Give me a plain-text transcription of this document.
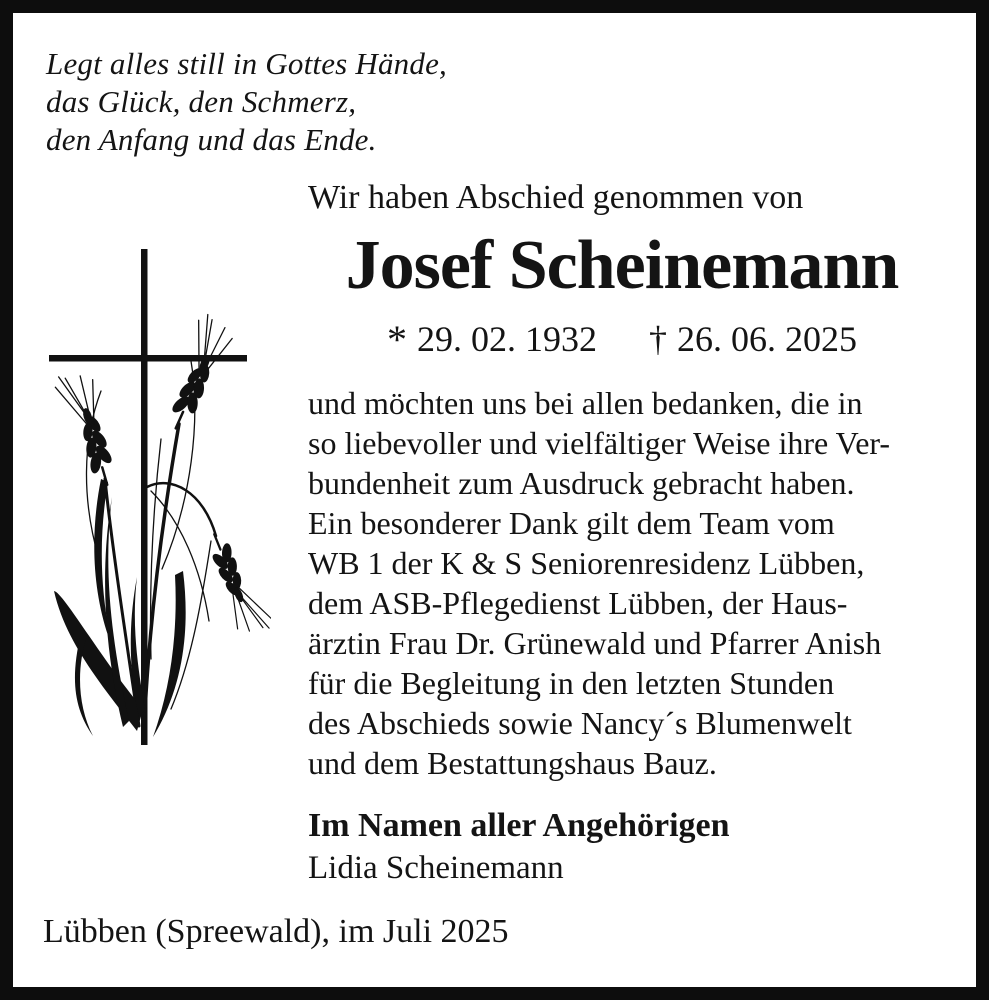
Legt alles still in Gottes Hände,
das Glück, den Schmerz,
den Anfang und das Ende.
Wir haben Abschied genommen von
Josef Scheinemann
* 29. 02. 1932 † 26. 06. 2025
und möchten uns bei allen bedanken, die in
so liebevoller und vielfältiger Weise ihre Ver-
bundenheit zum Ausdruck gebracht haben.
Ein besonderer Dank gilt dem Team vom
WB 1 der K & S Seniorenresidenz Lübben,
dem ASB-Pflegedienst Lübben, der Haus-
ärztin Frau Dr. Grünewald und Pfarrer Anish
für die Begleitung in den letzten Stunden
des Abschieds sowie Nancy´s Blumenwelt
und dem Bestattungshaus Bauz.
Im Namen aller Angehörigen
Lidia Scheinemann
Lübben (Spreewald), im Juli 2025
